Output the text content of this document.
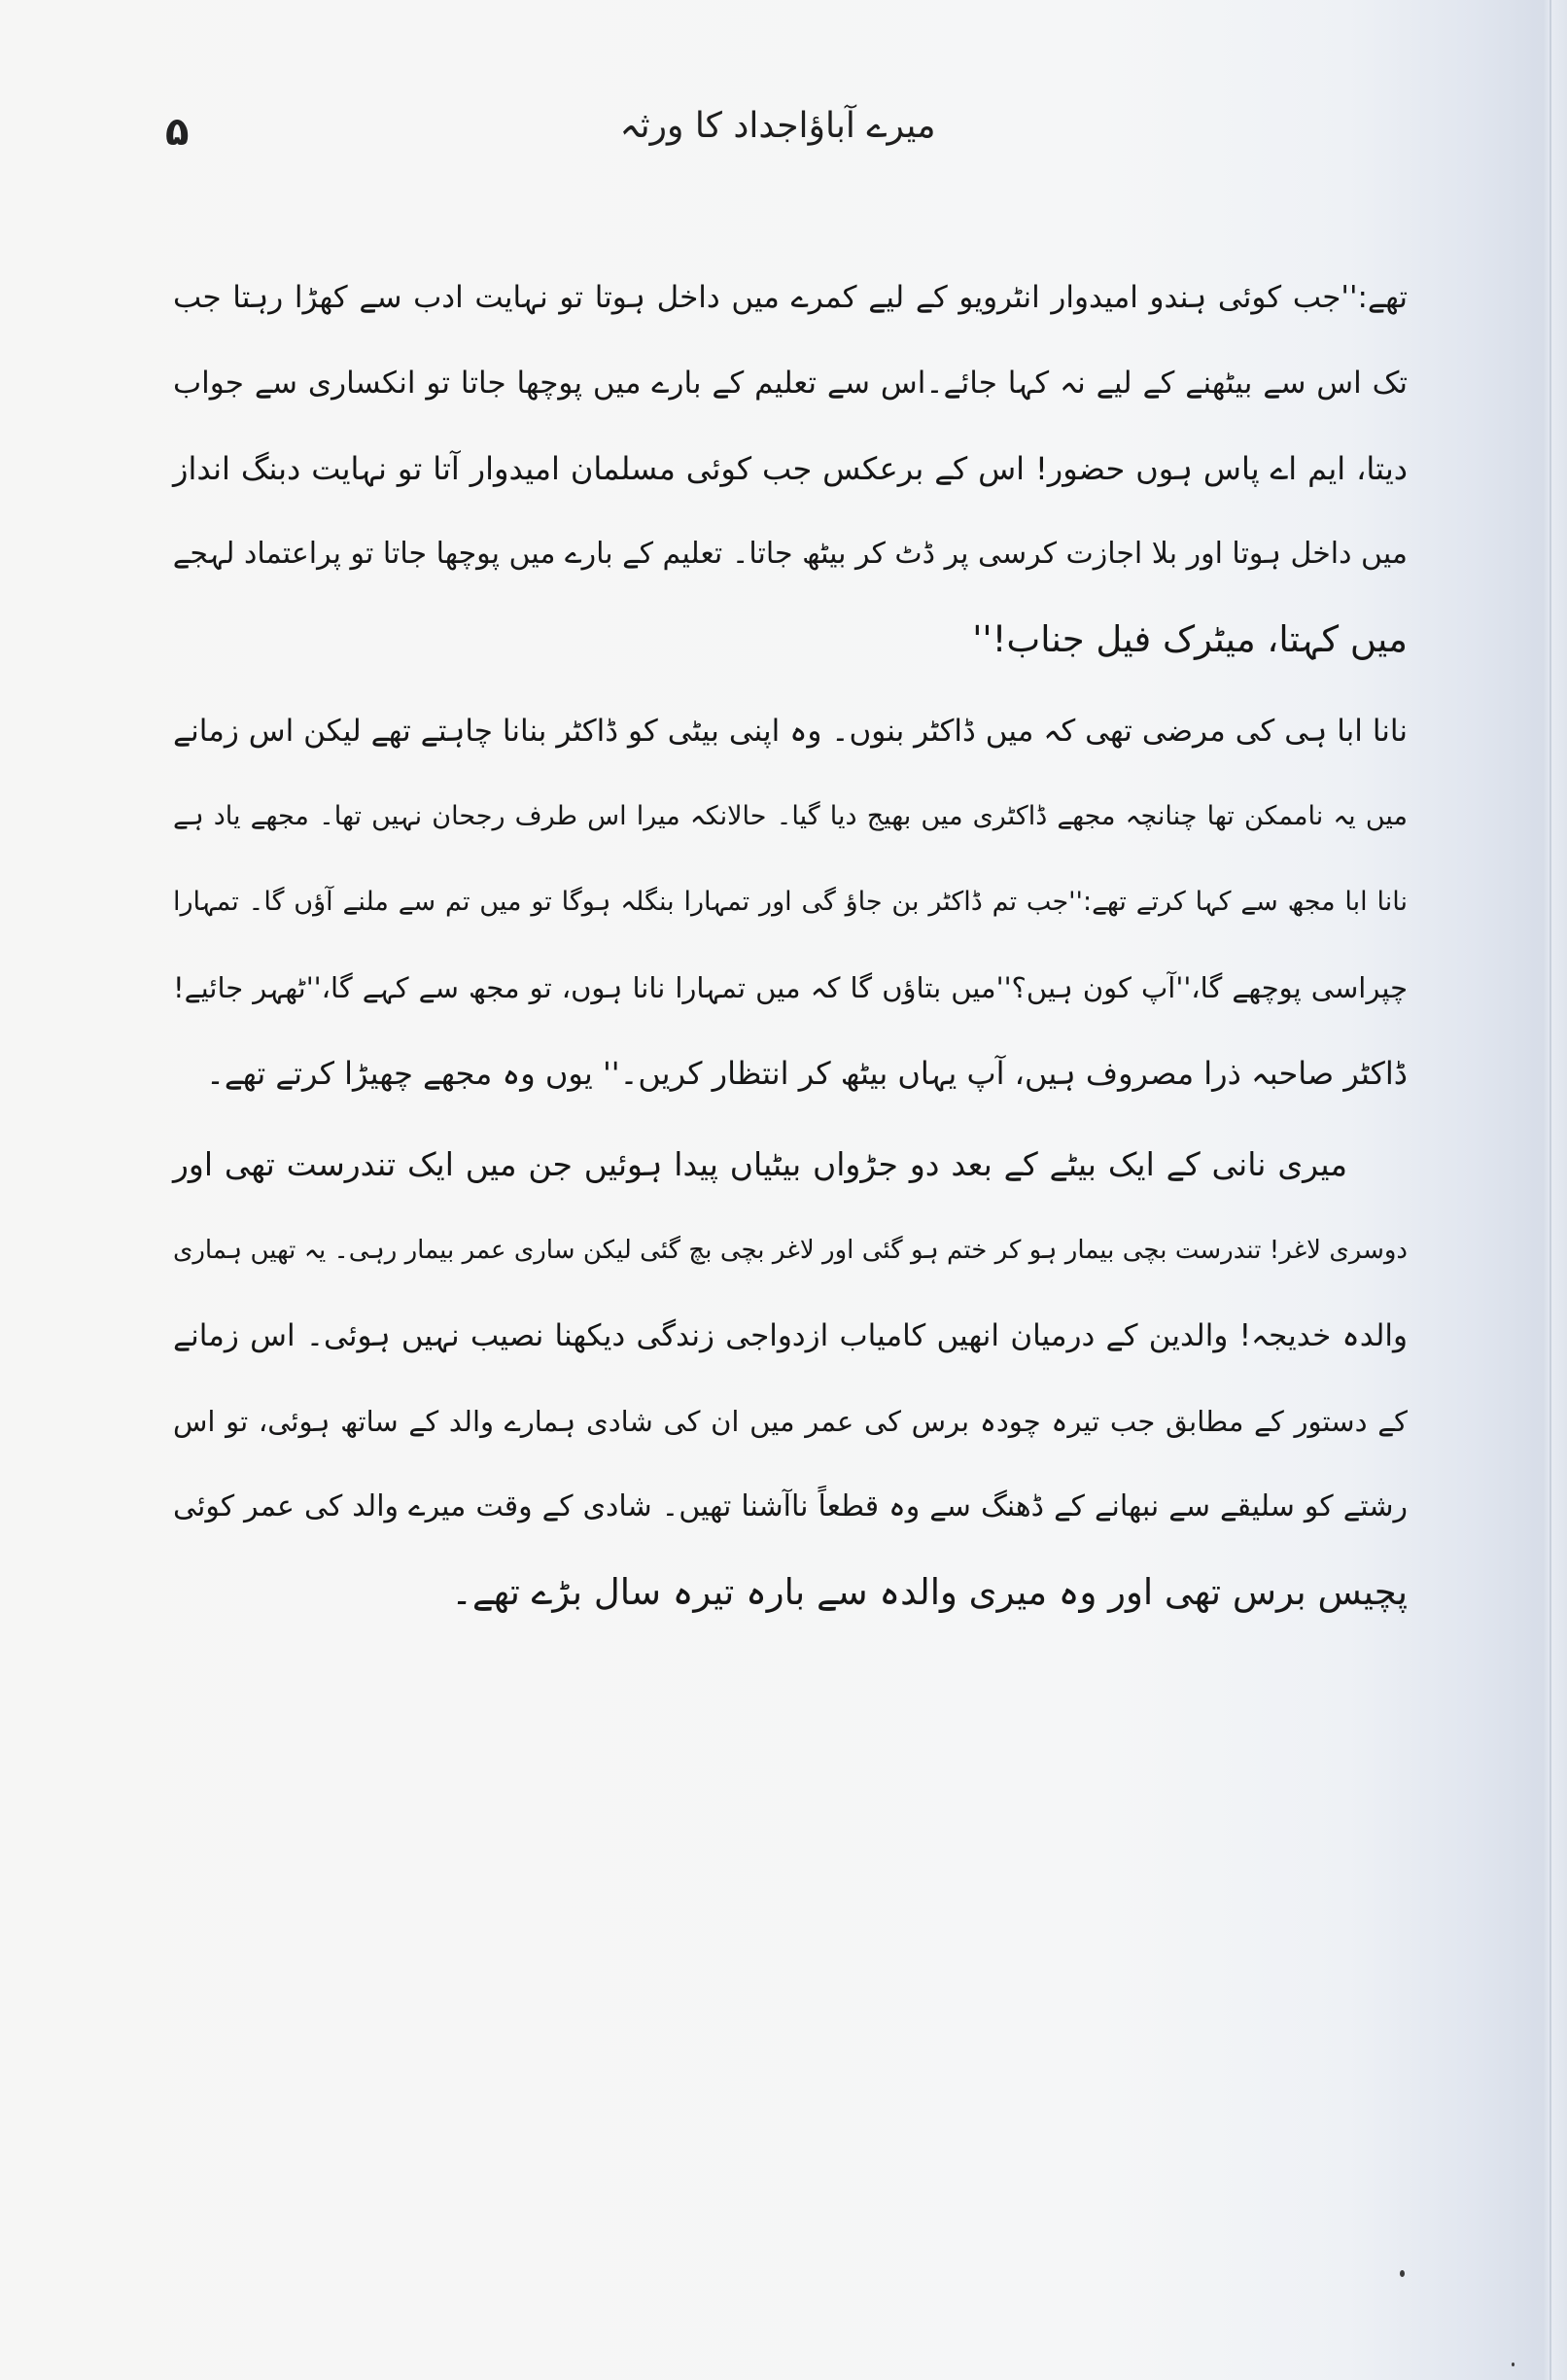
۵	میرے آباؤاجداد کا ورثہ
تھے:''جب کوئی ہندو امیدوار انٹرویو کے لیے کمرے میں داخل ہوتا تو نہایت ادب سے کھڑا رہتا جب
تک اس سے بیٹھنے کے لیے نہ کہا جائے۔اس سے تعلیم کے بارے میں پوچھا جاتا تو انکساری سے جواب
دیتا، ایم اے پاس ہوں حضور! اس کے برعکس جب کوئی مسلمان امیدوار آتا تو نہایت دبنگ انداز
میں داخل ہوتا اور بلا اجازت کرسی پر ڈٹ کر بیٹھ جاتا۔ تعلیم کے بارے میں پوچھا جاتا تو پراعتماد لہجے
میں کہتا، میٹرک فیل جناب!''
نانا ابا ہی کی مرضی تھی کہ میں ڈاکٹر بنوں۔ وہ اپنی بیٹی کو ڈاکٹر بنانا چاہتے تھے لیکن اس زمانے
میں یہ ناممکن تھا چنانچہ مجھے ڈاکٹری میں بھیج دیا گیا۔ حالانکہ میرا اس طرف رجحان نہیں تھا۔ مجھے یاد ہے
نانا ابا مجھ سے کہا کرتے تھے:''جب تم ڈاکٹر بن جاؤ گی اور تمہارا بنگلہ ہوگا تو میں تم سے ملنے آؤں گا۔ تمہارا
چپراسی پوچھے گا،''آپ کون ہیں؟''میں بتاؤں گا کہ میں تمہارا نانا ہوں، تو مجھ سے کہے گا،''ٹھہر جائیے!
ڈاکٹر صاحبہ ذرا مصروف ہیں، آپ یہاں بیٹھ کر انتظار کریں۔'' یوں وہ مجھے چھیڑا کرتے تھے۔
میری نانی کے ایک بیٹے کے بعد دو جڑواں بیٹیاں پیدا ہوئیں جن میں ایک تندرست تھی اور
دوسری لاغر! تندرست بچی بیمار ہو کر ختم ہو گئی اور لاغر بچی بچ گئی لیکن ساری عمر بیمار رہی۔ یہ تھیں ہماری
والدہ خدیجہ! والدین کے درمیان انھیں کامیاب ازدواجی زندگی دیکھنا نصیب نہیں ہوئی۔ اس زمانے
کے دستور کے مطابق جب تیرہ چودہ برس کی عمر میں ان کی شادی ہمارے والد کے ساتھ ہوئی، تو اس
رشتے کو سلیقے سے نبھانے کے ڈھنگ سے وہ قطعاً ناآشنا تھیں۔ شادی کے وقت میرے والد کی عمر کوئی
پچیس برس تھی اور وہ میری والدہ سے بارہ تیرہ سال بڑے تھے۔
